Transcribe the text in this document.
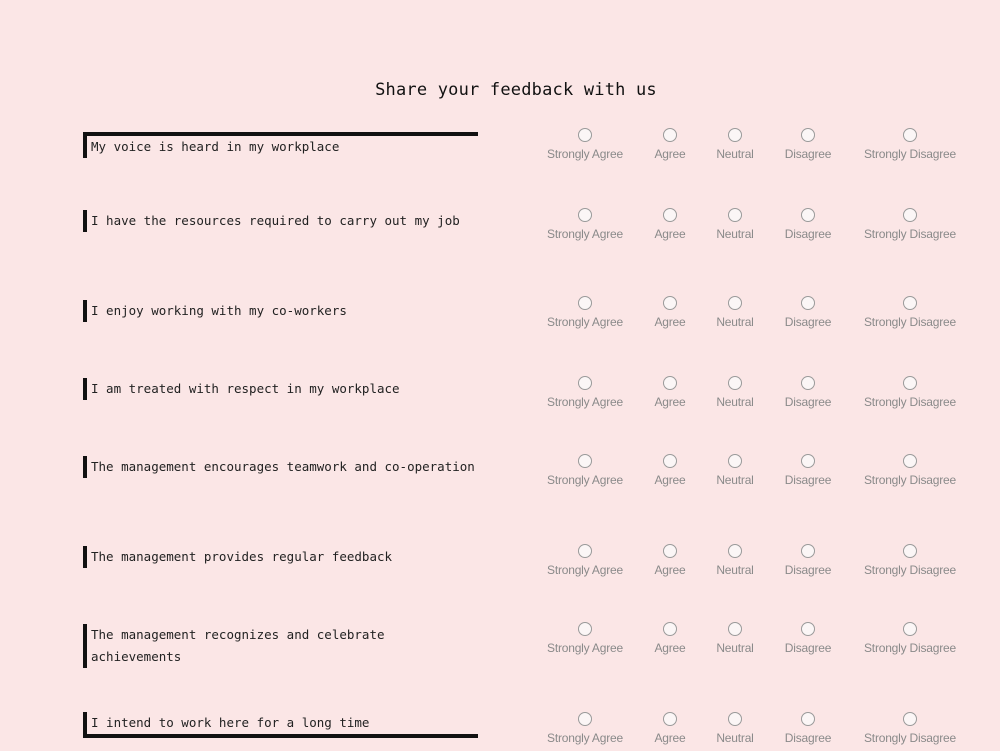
Share your feedback with us
My voice is heard in my workplace	Strongly Agree	Agree	Neutral	Disagree	Strongly Disagree
I have the resources required to carry out my job
Strongly Agree	Agree	Neutral	Disagree	Strongly Disagree
I enjoy working with my co-workers
Strongly Agree	Agree	Neutral	Disagree	Strongly Disagree
I am treated with respect in my workplace
Strongly Agree	Agree	Neutral	Disagree	Strongly Disagree
The management encourages teamwork and co-operation
Strongly Agree	Agree	Neutral	Disagree	Strongly Disagree
The management provides regular feedback
Strongly Agree	Agree	Neutral	Disagree	Strongly Disagree
The management recognizes and celebrate achievements
Strongly Agree	Agree	Neutral	Disagree	Strongly Disagree
I intend to work here for a long time
Strongly Agree	Agree	Neutral	Disagree	Strongly Disagree
